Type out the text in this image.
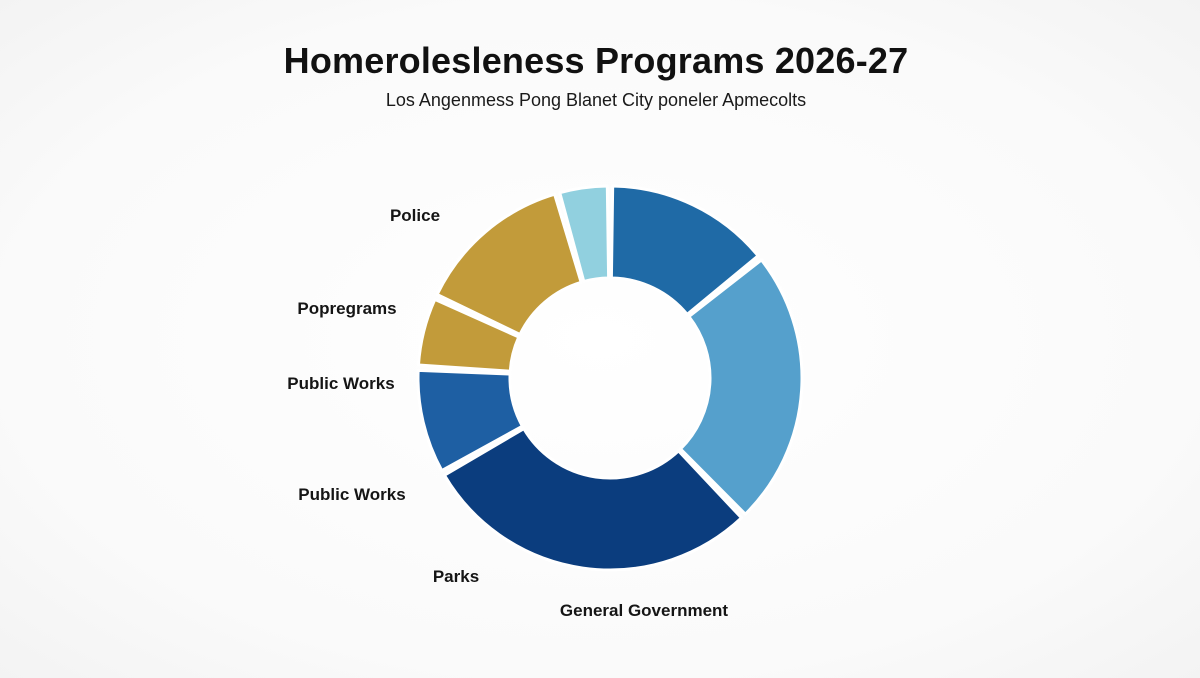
Homerolesleness Programs 2026-27
Los Angenmess Pong Blanet City poneler Apmecolts
Police
Popregrams
Public Works
Public Works
Parks
General Government
